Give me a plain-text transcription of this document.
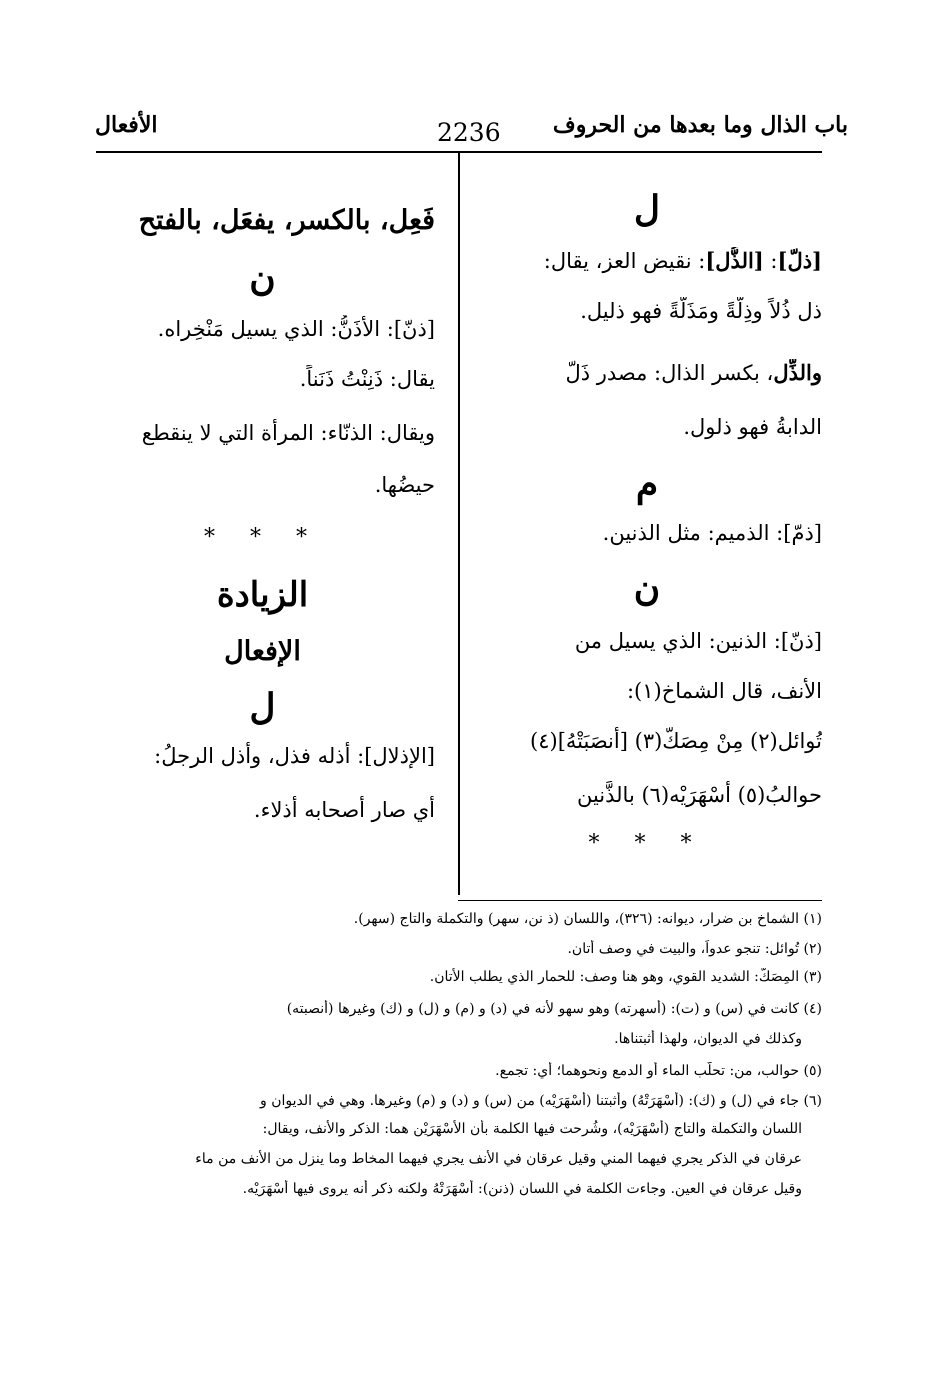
باب الذال وما بعدها من الحروف
2236
الأفعال
ل
[ذلّ]: [الذُّل]: نقيض العز، يقال:
ذل ذُلاً وذِلّةً ومَذَلّةً فهو ذليل.
والذِّل، بكسر الذال: مصدر ذَلّ
الدابةُ فهو ذلول.
م
[ذمّ]: الذميم: مثل الذنين.
ن
[ذنّ]: الذنين: الذي يسيل من
الأنف، قال الشماخ(١):
تُوائل(٢) مِنْ مِصَكّ(٣) [أنصَبَتْهُ](٤)
حوالبُ(٥) أسْهَرَيْه(٦) بالذَّنين
* * *
فَعِل، بالكسر، يفعَل، بالفتح
ن
[ذنّ]: الأذَنُّ: الذي يسيل مَنْخِراه.
يقال: ذَنِنْتُ ذَنَناً.
ويقال: الذنّاء: المرأة التي لا ينقطع
حيضُها.
* * *
الزيادة
الإفعال
ل
[الإذلال]: أذله فذل، وأذل الرجلُ:
أي صار أصحابه أذلاء.
(١) الشماخ بن ضرار، ديوانه: (٣٢٦)، واللسان (ذ نن، سهر) والتكملة والتاج (سهر).
(٢) تُوائل: تنجو عدواً، والبيت في وصف أتان.
(٣) المِصَكّ: الشديد القوي، وهو هنا وصف: للحمار الذي يطلب الأتان.
(٤) كانت في (س) و (ت): (أسهرته) وهو سهو لأنه في (د) و (م) و (ل) و (ك) وغيرها (أنصبته)
وكذلك في الديوان، ولهذا أثبتناها.
(٥) حوالب، من: تحلّب الماء أو الدمع ونحوهما؛ أي: تجمع.
(٦) جاء في (ل) و (ك): (أَسْهَرَتْهُ) وأثبتنا (أسْهَرَيْه) من (س) و (د) و (م) وغيرها. وهي في الديوان و
اللسان والتكملة والتاج (أسْهَرَيْه)، وشُرحت فيها الكلمة بأن الأسْهَرَيْن هما: الذكر والأنف، ويقال:
عرقان في الذكر يجري فيهما المني وقيل عرقان في الأنف يجري فيهما المخاط وما ينزل من الأنف من ماء
وقيل عرقان في العين. وجاءت الكلمة في اللسان (ذنن): أَسْهَرَتْهُ ولكنه ذكر أنه يروى فيها أَسْهَرَيْه.
